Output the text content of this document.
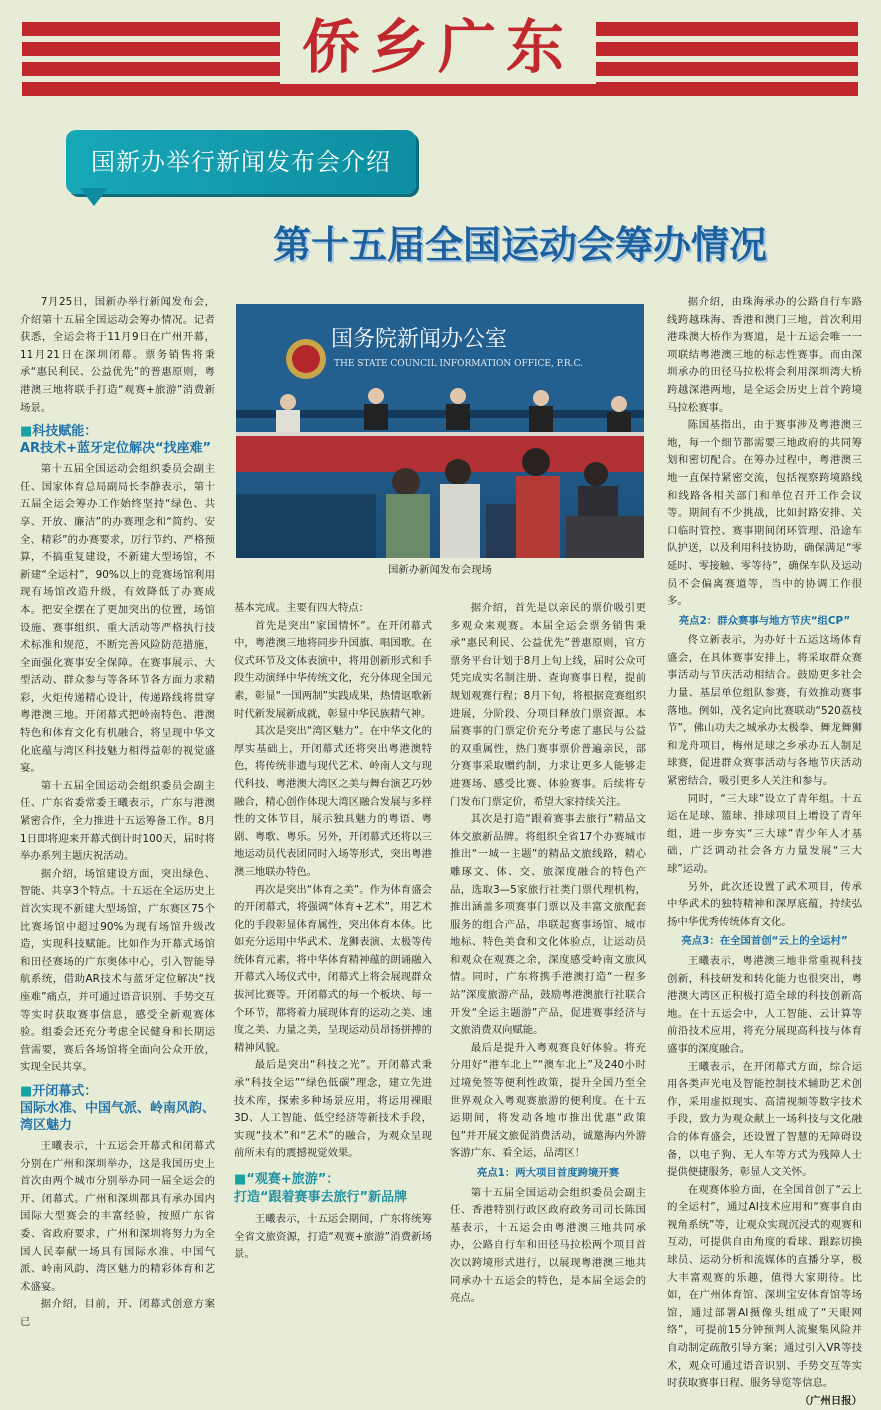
侨乡广东
国新办举行新闻发布会介绍
第十五届全国运动会筹办情况
国务院新闻办公室
THE STATE COUNCIL INFORMATION OFFICE, P.R.C.
国新办新闻发布会现场

7月25日，国新办举行新闻发布会，介绍第十五届全国运动会筹办情况。记者获悉，全运会将于11月9日在广州开幕，11月21日在深圳闭幕。票务销售将秉承“惠民利民、公益优先”的普惠原则，粤港澳三地将联手打造“观赛+旅游”消费新场景。

■科技赋能：
AR技术+蓝牙定位解决“找座难”

第十五届全国运动会组织委员会副主任、国家体育总局副局长李静表示，第十五届全运会筹办工作始终坚持“绿色、共享、开放、廉洁”的办赛理念和“简约、安全、精彩”的办赛要求，厉行节约、严格预算，不搞重复建设，不新建大型场馆，不新建“全运村”，90%以上的竞赛场馆利用现有场馆改造升级，有效降低了办赛成本。把安全摆在了更加突出的位置，场馆设施、赛事组织、重大活动等严格执行技术标准和规范，不断完善风险防范措施，全面强化赛事安全保障。在赛事展示、大型活动、群众参与等各环节各方面力求精彩，火炬传递精心设计，传递路线将贯穿粤港澳三地。开闭幕式把岭南特色、港澳特色和体育文化有机融合，将呈现中华文化底蕴与湾区科技魅力相得益彰的视觉盛宴。

第十五届全国运动会组织委员会副主任、广东省委常委王曦表示，广东与港澳紧密合作，全力推进十五运筹备工作。8月1日即将迎来开幕式倒计时100天，届时将举办系列主题庆祝活动。

据介绍，场馆建设方面，突出绿色、智能、共享3个特点。十五运在全运历史上首次实现不新建大型场馆，广东赛区75个比赛场馆中超过90%为现有场馆升级改造，实现科技赋能。比如作为开幕式场馆和田径赛场的广东奥体中心，引入智能导航系统，借助AR技术与蓝牙定位解决“找座难”痛点，并可通过语音识别、手势交互等实时获取赛事信息，感受全新观赛体验。组委会还充分考虑全民健身和长期运营需要，赛后各场馆将全面向公众开放，实现全民共享。

■开闭幕式：
国际水准、中国气派、岭南风韵、湾区魅力

王曦表示，十五运会开幕式和闭幕式分别在广州和深圳举办，这是我国历史上首次由两个城市分别举办同一届全运会的开、闭幕式。广州和深圳都具有承办国内国际大型赛会的丰富经验，按照广东省委、省政府要求，广州和深圳将努力为全国人民奉献一场具有国际水准、中国气派、岭南风韵、湾区魅力的精彩体育和艺术盛宴。

据介绍，目前，开、闭幕式创意方案已

基本完成。主要有四大特点：

首先是突出“家国情怀”。在开闭幕式中，粤港澳三地将同步升国旗、唱国歌。在仪式环节及文体表演中，将用创新形式和手段生动演绎中华传统文化，充分体现全国元素，彰显“一国两制”实践成果，热情讴歌新时代新发展新成就，彰显中华民族精气神。

其次是突出“湾区魅力”。在中华文化的厚实基础上，开闭幕式还将突出粤港澳特色，将传统非遗与现代艺术、岭南人文与现代科技、粤港澳大湾区之美与舞台演艺巧妙融合，精心创作体现大湾区融合发展与多样性的文体节目，展示独具魅力的粤语、粤剧、粤歌、粤乐。另外，开闭幕式还将以三地运动员代表团同时入场等形式，突出粤港澳三地联办特色。

再次是突出“体育之美”。作为体育盛会的开闭幕式，将强调“体育+艺术”，用艺术化的手段彰显体育属性，突出体育本体。比如充分运用中华武术、龙狮表演、太极等传统体育元素，将中华体育精神蕴的朗诵融入开幕式入场仪式中，闭幕式上将会展现群众拔河比赛等。开闭幕式的每一个板块、每一个环节，都将着力展现体育的运动之美、速度之美、力量之美，呈现运动员昂扬拼搏的精神风貌。

最后是突出“科技之光”。开闭幕式秉承“科技全运”“绿色低碳”理念，建立先进技术库，探索多种场景应用，将运用裸眼3D、人工智能、低空经济等新技术手段，实现“技术”和“艺术”的融合，为观众呈现前所未有的震撼视觉效果。

■“观赛+旅游”：
打造“跟着赛事去旅行”新品牌

王曦表示，十五运会期间，广东将统筹全省文旅资源，打造“观赛+旅游”消费新场景。

据介绍，首先是以亲民的票价吸引更多观众来观赛。本届全运会票务销售秉承“惠民利民、公益优先”普惠原则，官方票务平台计划于8月上旬上线，届时公众可凭完成实名制注册、查询赛事日程，提前规划观赛行程；8月下旬，将根据竞赛组织进展，分阶段、分项目释放门票资源。本届赛事的门票定价充分考虑了惠民与公益的双重属性，热门赛事票价普遍亲民，部分赛事采取赠约制，力求让更多人能够走进赛场、感受比赛、体验赛事。后续将专门发布门票定价，希望大家持续关注。

其次是打造“跟着赛事去旅行”精品文体交旅新品牌。将组织全省17个办赛城市推出“一城一主题”的精品文旅线路，精心雕琢文、体、交、旅深度融合的特色产品，选取3—5家旅行社类门票代理机构，推出涵盖多项赛事门票以及丰富文旅配套服务的组合产品，串联起赛事场馆、城市地标、特色美食和文化体验点，让运动员和观众在观赛之余，深度感受岭南文旅风情。同时，广东将携手港澳打造“一程多站”深度旅游产品，鼓励粤港澳旅行社联合开发“全运主题游”产品，促进赛事经济与文旅消费双向赋能。

最后是提升入粤观赛良好体验。将充分用好“港车北上”“澳车北上”及240小时过境免签等便利性政策，提升全国乃至全世界观众入粤观赛旅游的便利度。在十五运期间，将发动各地市推出优惠“政策包”并开展文旅促消费活动，诚邀海内外游客游广东、看全运，品湾区！

亮点1：两大项目首度跨境开赛

第十五届全国运动会组织委员会副主任、香港特别行政区政府政务司司长陈国基表示，十五运会由粤港澳三地共同承办，公路自行车和田径马拉松两个项目首次以跨境形式进行，以展现粤港澳三地共同承办十五运会的特色，是本届全运会的亮点。

据介绍，由珠海承办的公路自行车路线跨越珠海、香港和澳门三地，首次利用港珠澳大桥作为赛道，是十五运会唯一一项联结粤港澳三地的标志性赛事。而由深圳承办的田径马拉松将会利用深圳湾大桥跨越深港两地，是全运会历史上首个跨境马拉松赛事。

陈国基指出，由于赛事涉及粤港澳三地，每一个细节都需要三地政府的共同筹划和密切配合。在筹办过程中，粤港澳三地一直保持紧密交流，包括视察跨境路线和线路各相关部门和单位召开工作会议等。期间有不少挑战，比如封路安排、关口临时管控、赛事期间闭环管理、沿途车队护送，以及利用科技协助，确保满足“零延时、零接触、零等待”，确保车队及运动员不会偏离赛道等，当中的协调工作很多。

亮点2：群众赛事与地方节庆“组CP”

佟立新表示，为办好十五运这场体育盛会，在具体赛事安排上，将采取群众赛事活动与节庆活动相结合。鼓励更多社会力量、基层单位组队参赛，有效推动赛事落地。例如，茂名定向比赛联动“520荔枝节”，佛山功夫之城承办太极拳、舞龙舞狮和龙舟项目，梅州足球之乡承办五人制足球赛，促进群众赛事活动与各地节庆活动紧密结合，吸引更多人关注和参与。

同时，“三大球”设立了青年组。十五运在足球、篮球、排球项目上增设了青年组，进一步夯实“三大球”青少年人才基础，广泛调动社会各方力量发展“三大球”运动。

另外，此次还设置了武术项目，传承中华武术的独特精神和深厚底蕴，持续弘扬中华优秀传统体育文化。

亮点3：在全国首创“云上的全运村”

王曦表示，粤港澳三地非常重视科技创新，科技研发和转化能力也很突出，粤港澳大湾区正积极打造全球的科技创新高地。在十五运会中，人工智能、云计算等前沿技术应用，将充分展现高科技与体育盛事的深度融合。

王曦表示，在开闭幕式方面，综合运用各类声光电及智能控制技术辅助艺术创作，采用虚拟现实、高清视频等数字技术手段，致力为观众献上一场科技与文化融合的体育盛会，还设置了智慧的无障碍设备，以电子狗、无人车等方式为残障人士提供便捷服务，彰显人文关怀。

在观赛体验方面，在全国首创了“云上的全运村”，通过AI技术应用和“赛事自由视角系统”等，让观众实现沉浸式的观赛和互动，可提供自由角度的看球、跟踪切换球员、运动分析和流媒体的直播分享，极大丰富观赛的乐趣，值得大家期待。比如，在广州体育馆、深圳宝安体育馆等场馆，通过部署AI摄像头组成了“天眼网络”，可提前15分钟预判人流聚集风险并自动制定疏散引导方案；通过引入VR等技术，观众可通过语音识别、手势交互等实时获取赛事日程、服务导览等信息。

（广州日报）
